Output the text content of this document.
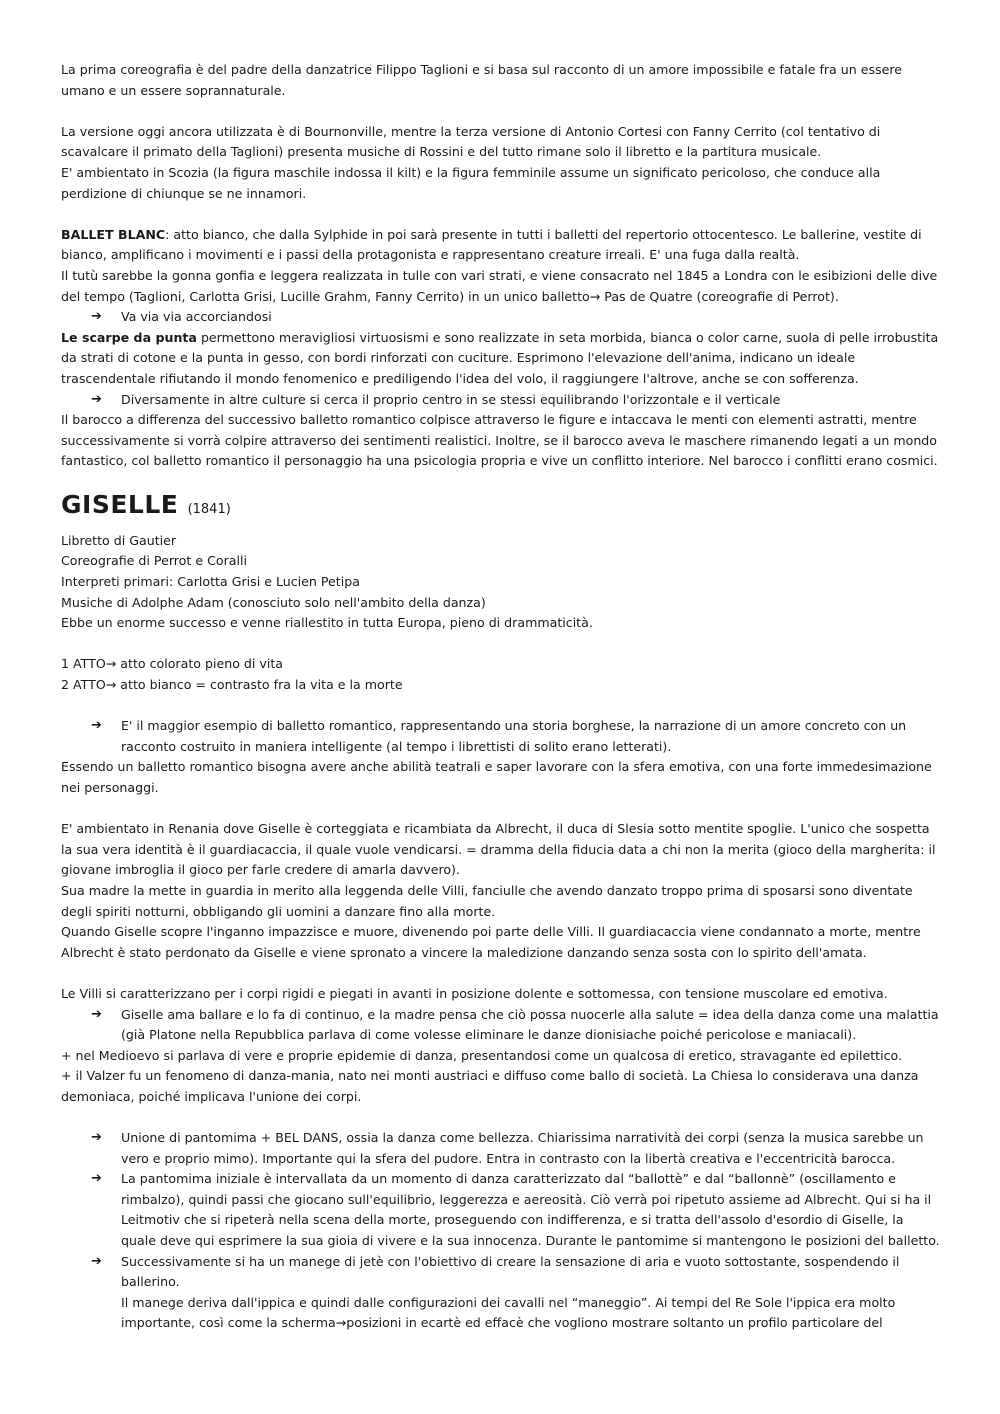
La prima coreografia è del padre della danzatrice Filippo Taglioni e si basa sul racconto di un amore impossibile e fatale fra un essere umano e un essere soprannaturale.

La versione oggi ancora utilizzata è di Bournonville, mentre la terza versione di Antonio Cortesi con Fanny Cerrito (col tentativo di scavalcare il primato della Taglioni) presenta musiche di Rossini e del tutto rimane solo il libretto e la partitura musicale.

E' ambientato in Scozia (la figura maschile indossa il kilt) e la figura femminile assume un significato pericoloso, che conduce alla perdizione di chiunque se ne innamori.

BALLET BLANC: atto bianco, che dalla Sylphide in poi sarà presente in tutti i balletti del repertorio ottocentesco. Le ballerine, vestite di bianco, amplificano i movimenti e i passi della protagonista e rappresentano creature irreali. E' una fuga dalla realtà.

Il tutù sarebbe la gonna gonfia e leggera realizzata in tulle con vari strati, e viene consacrato nel 1845 a Londra con le esibizioni delle dive del tempo (Taglioni, Carlotta Grisi, Lucille Grahm, Fanny Cerrito) in un unico balletto→ Pas de Quatre (coreografie di Perrot).

➔ Va via via accorciandosi

Le scarpe da punta permettono meravigliosi virtuosismi e sono realizzate in seta morbida, bianca o color carne, suola di pelle irrobustita da strati di cotone e la punta in gesso, con bordi rinforzati con cuciture. Esprimono l'elevazione dell'anima, indicano un ideale trascendentale rifiutando il mondo fenomenico e prediligendo l'idea del volo, il raggiungere l'altrove, anche se con sofferenza.

➔ Diversamente in altre culture si cerca il proprio centro in se stessi equilibrando l'orizzontale e il verticale

Il barocco a differenza del successivo balletto romantico colpisce attraverso le figure e intaccava le menti con elementi astratti, mentre successivamente si vorrà colpire attraverso dei sentimenti realistici. Inoltre, se il barocco aveva le maschere rimanendo legati a un mondo fantastico, col balletto romantico il personaggio ha una psicologia propria e vive un conflitto interiore. Nel barocco i conflitti erano cosmici.

GISELLE (1841)

Libretto di Gautier

Coreografie di Perrot e Coralli

Interpreti primari: Carlotta Grisi e Lucien Petipa

Musiche di Adolphe Adam (conosciuto solo nell'ambito della danza)

Ebbe un enorme successo e venne riallestito in tutta Europa, pieno di drammaticità.

1 ATTO→ atto colorato pieno di vita

2 ATTO→ atto bianco = contrasto fra la vita e la morte

➔ E' il maggior esempio di balletto romantico, rappresentando una storia borghese, la narrazione di un amore concreto con un racconto costruito in maniera intelligente (al tempo i librettisti di solito erano letterati).

Essendo un balletto romantico bisogna avere anche abilità teatrali e saper lavorare con la sfera emotiva, con una forte immedesimazione nei personaggi.

E' ambientato in Renania dove Giselle è corteggiata e ricambiata da Albrecht, il duca di Slesia sotto mentite spoglie. L'unico che sospetta la sua vera identità è il guardiacaccia, il quale vuole vendicarsi. = dramma della fiducia data a chi non la merita (gioco della margherita: il giovane imbroglia il gioco per farle credere di amarla davvero).

Sua madre la mette in guardia in merito alla leggenda delle Villi, fanciulle che avendo danzato troppo prima di sposarsi sono diventate degli spiriti notturni, obbligando gli uomini a danzare fino alla morte.

Quando Giselle scopre l'inganno impazzisce e muore, divenendo poi parte delle Villi. Il guardiacaccia viene condannato a morte, mentre Albrecht è stato perdonato da Giselle e viene spronato a vincere la maledizione danzando senza sosta con lo spirito dell'amata.

Le Villi si caratterizzano per i corpi rigidi e piegati in avanti in posizione dolente e sottomessa, con tensione muscolare ed emotiva.

➔ Giselle ama ballare e lo fa di continuo, e la madre pensa che ciò possa nuocerle alla salute = idea della danza come una malattia (già Platone nella Repubblica parlava di come volesse eliminare le danze dionisiache poiché pericolose e maniacali).

+ nel Medioevo si parlava di vere e proprie epidemie di danza, presentandosi come un qualcosa di eretico, stravagante ed epilettico.

+ il Valzer fu un fenomeno di danza-mania, nato nei monti austriaci e diffuso come ballo di società. La Chiesa lo considerava una danza demoniaca, poiché implicava l'unione dei corpi.

➔ Unione di pantomima + BEL DANS, ossia la danza come bellezza. Chiarissima narratività dei corpi (senza la musica sarebbe un vero e proprio mimo). Importante qui la sfera del pudore. Entra in contrasto con la libertà creativa e l'eccentricità barocca.

➔ La pantomima iniziale è intervallata da un momento di danza caratterizzato dal “ballottè” e dal “ballonnè” (oscillamento e rimbalzo), quindi passi che giocano sull'equilibrio, leggerezza e aereosità. Ciò verrà poi ripetuto assieme ad Albrecht. Qui si ha il Leitmotiv che si ripeterà nella scena della morte, proseguendo con indifferenza, e si tratta dell'assolo d'esordio di Giselle, la quale deve qui esprimere la sua gioia di vivere e la sua innocenza. Durante le pantomime si mantengono le posizioni del balletto.

➔ Successivamente si ha un manege di jetè con l'obiettivo di creare la sensazione di aria e vuoto sottostante, sospendendo il ballerino.

Il manege deriva dall'ippica e quindi dalle configurazioni dei cavalli nel “maneggio”. Ai tempi del Re Sole l'ippica era molto importante, così come la scherma→posizioni in ecartè ed effacè che vogliono mostrare soltanto un profilo particolare del
